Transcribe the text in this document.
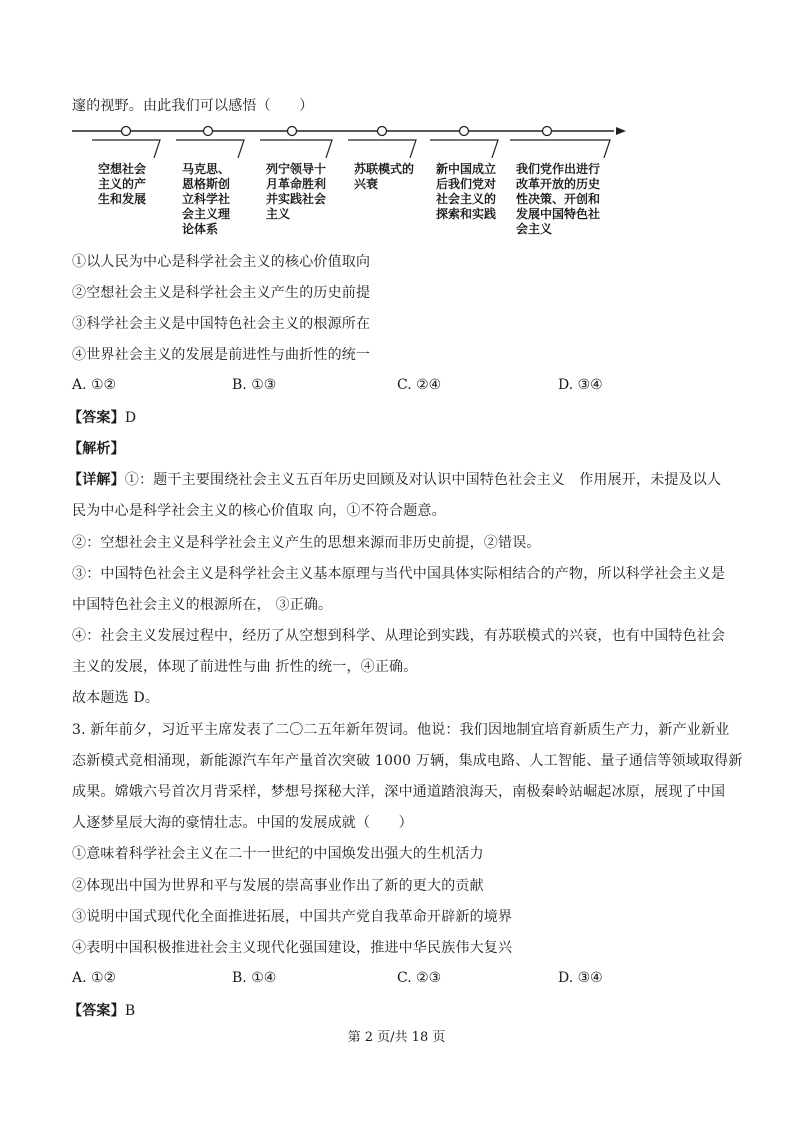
邃的视野。由此我们可以感悟（　　）
空想社会
主义的产
生和发展
马克思、
恩格斯创
立科学社
会主义理
论体系
列宁领导十
月革命胜利
并实践社会
主义
苏联模式的
兴衰
新中国成立
后我们党对
社会主义的
探索和实践
我们党作出进行
改革开放的历史
性决策、开创和
发展中国特色社
会主义
①以人民为中心是科学社会主义的核心价值取向
②空想社会主义是科学社会主义产生的历史前提
③科学社会主义是中国特色社会主义的根源所在
④世界社会主义的发展是前进性与曲折性的统一
A. ①②	B. ①③	C. ②④	D. ③④
【答案】D
【解析】
【详解】①：题干主要围绕社会主义五百年历史回顾及对认识中国特色社会主义　作用展开，未提及以人
民为中心是科学社会主义的核心价值取 向，①不符合题意。
②：空想社会主义是科学社会主义产生的思想来源而非历史前提，②错误。
③：中国特色社会主义是科学社会主义基本原理与当代中国具体实际相结合的产物，所以科学社会主义是
中国特色社会主义的根源所在， ③正确。
④：社会主义发展过程中，经历了从空想到科学、从理论到实践，有苏联模式的兴衰，也有中国特色社会
主义的发展，体现了前进性与曲 折性的统一，④正确。
故本题选 D。
3. 新年前夕，习近平主席发表了二〇二五年新年贺词。他说：我们因地制宜培育新质生产力，新产业新业
态新模式竞相涌现，新能源汽车年产量首次突破 1000 万辆，集成电路、人工智能、量子通信等领域取得新
成果。嫦娥六号首次月背采样，梦想号探秘大洋，深中通道踏浪海天，南极秦岭站崛起冰原，展现了中国
人逐梦星辰大海的豪情壮志。中国的发展成就（　　）
①意味着科学社会主义在二十一世纪的中国焕发出强大的生机活力
②体现出中国为世界和平与发展的崇高事业作出了新的更大的贡献
③说明中国式现代化全面推进拓展，中国共产党自我革命开辟新的境界
④表明中国积极推进社会主义现代化强国建设，推进中华民族伟大复兴
A. ①②	B. ①④	C. ②③	D. ③④
【答案】B
第 2 页/共 18 页
